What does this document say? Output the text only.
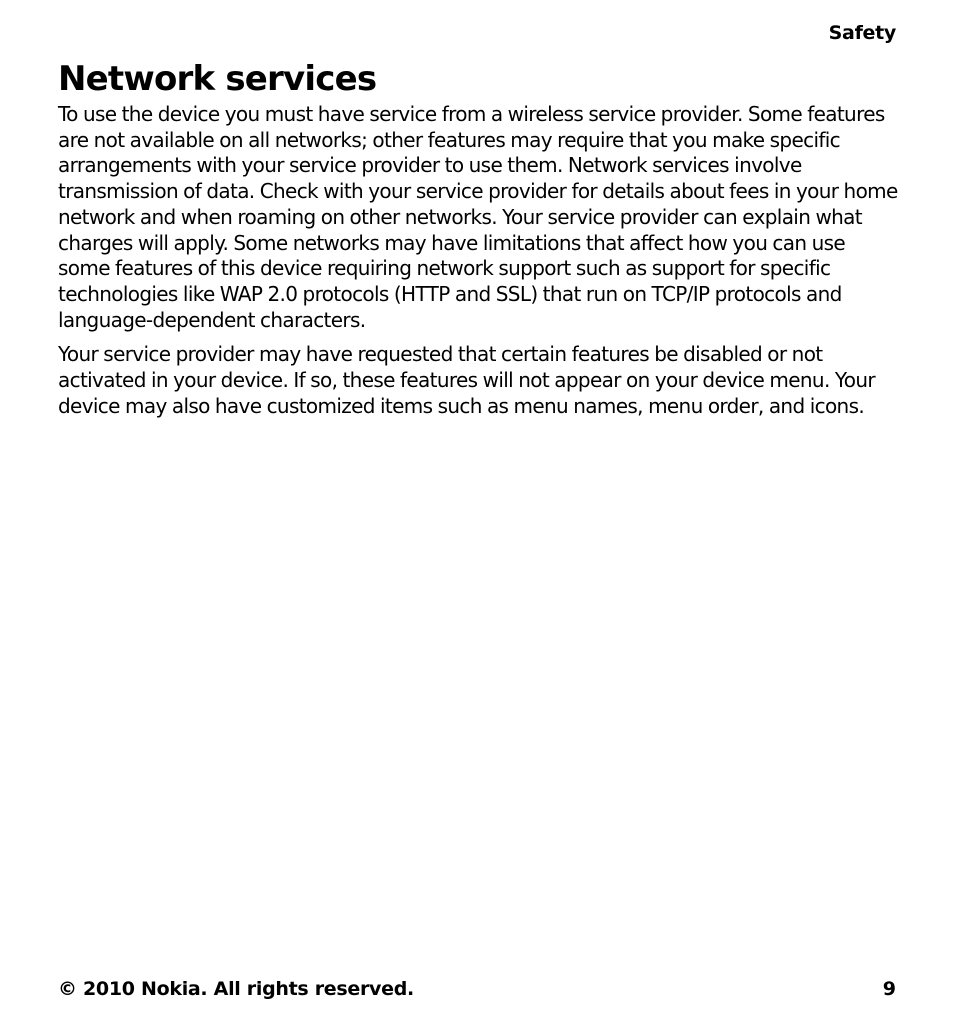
Safety
Network services

To use the device you must have service from a wireless service provider. Some features are not available on all networks; other features may require that you make specific arrangements with your service provider to use them. Network services involve transmission of data. Check with your service provider for details about fees in your home network and when roaming on other networks. Your service provider can explain what charges will apply. Some networks may have limitations that affect how you can use some features of this device requiring network support such as support for specific technologies like WAP 2.0 protocols (HTTP and SSL) that run on TCP/IP protocols and language-dependent characters.

Your service provider may have requested that certain features be disabled or not activated in your device. If so, these features will not appear on your device menu. Your device may also have customized items such as menu names, menu order, and icons.

© 2010 Nokia. All rights reserved.	9
